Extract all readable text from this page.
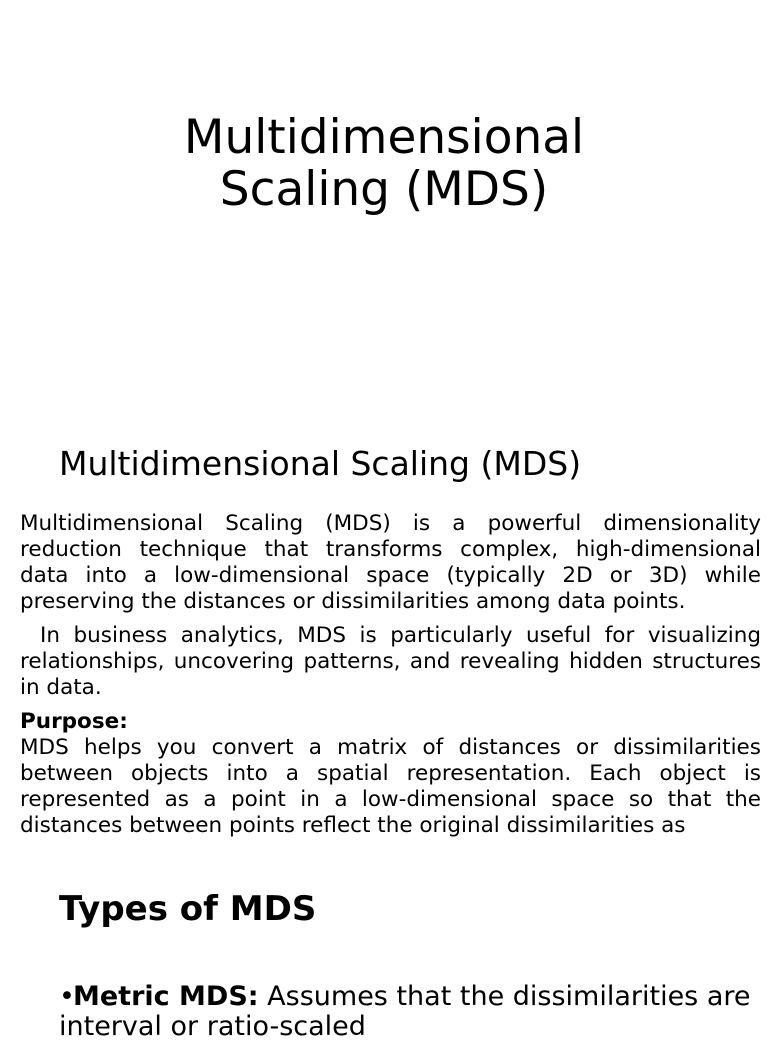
Multidimensional
Scaling (MDS)
Multidimensional Scaling (MDS)

Multidimensional Scaling (MDS) is a powerful dimensionality reduction technique that transforms complex, high-dimensional data into a low-dimensional space (typically 2D or 3D) while preserving the distances or dissimilarities among data points.

In business analytics, MDS is particularly useful for visualizing relationships, uncovering patterns, and revealing hidden structures in data.

Purpose:

MDS helps you convert a matrix of distances or dissimilarities between objects into a spatial representation. Each object is represented as a point in a low-dimensional space so that the distances between points reflect the original dissimilarities as

Types of MDS
•Metric MDS: Assumes that the dissimilarities are interval or ratio-scaled
